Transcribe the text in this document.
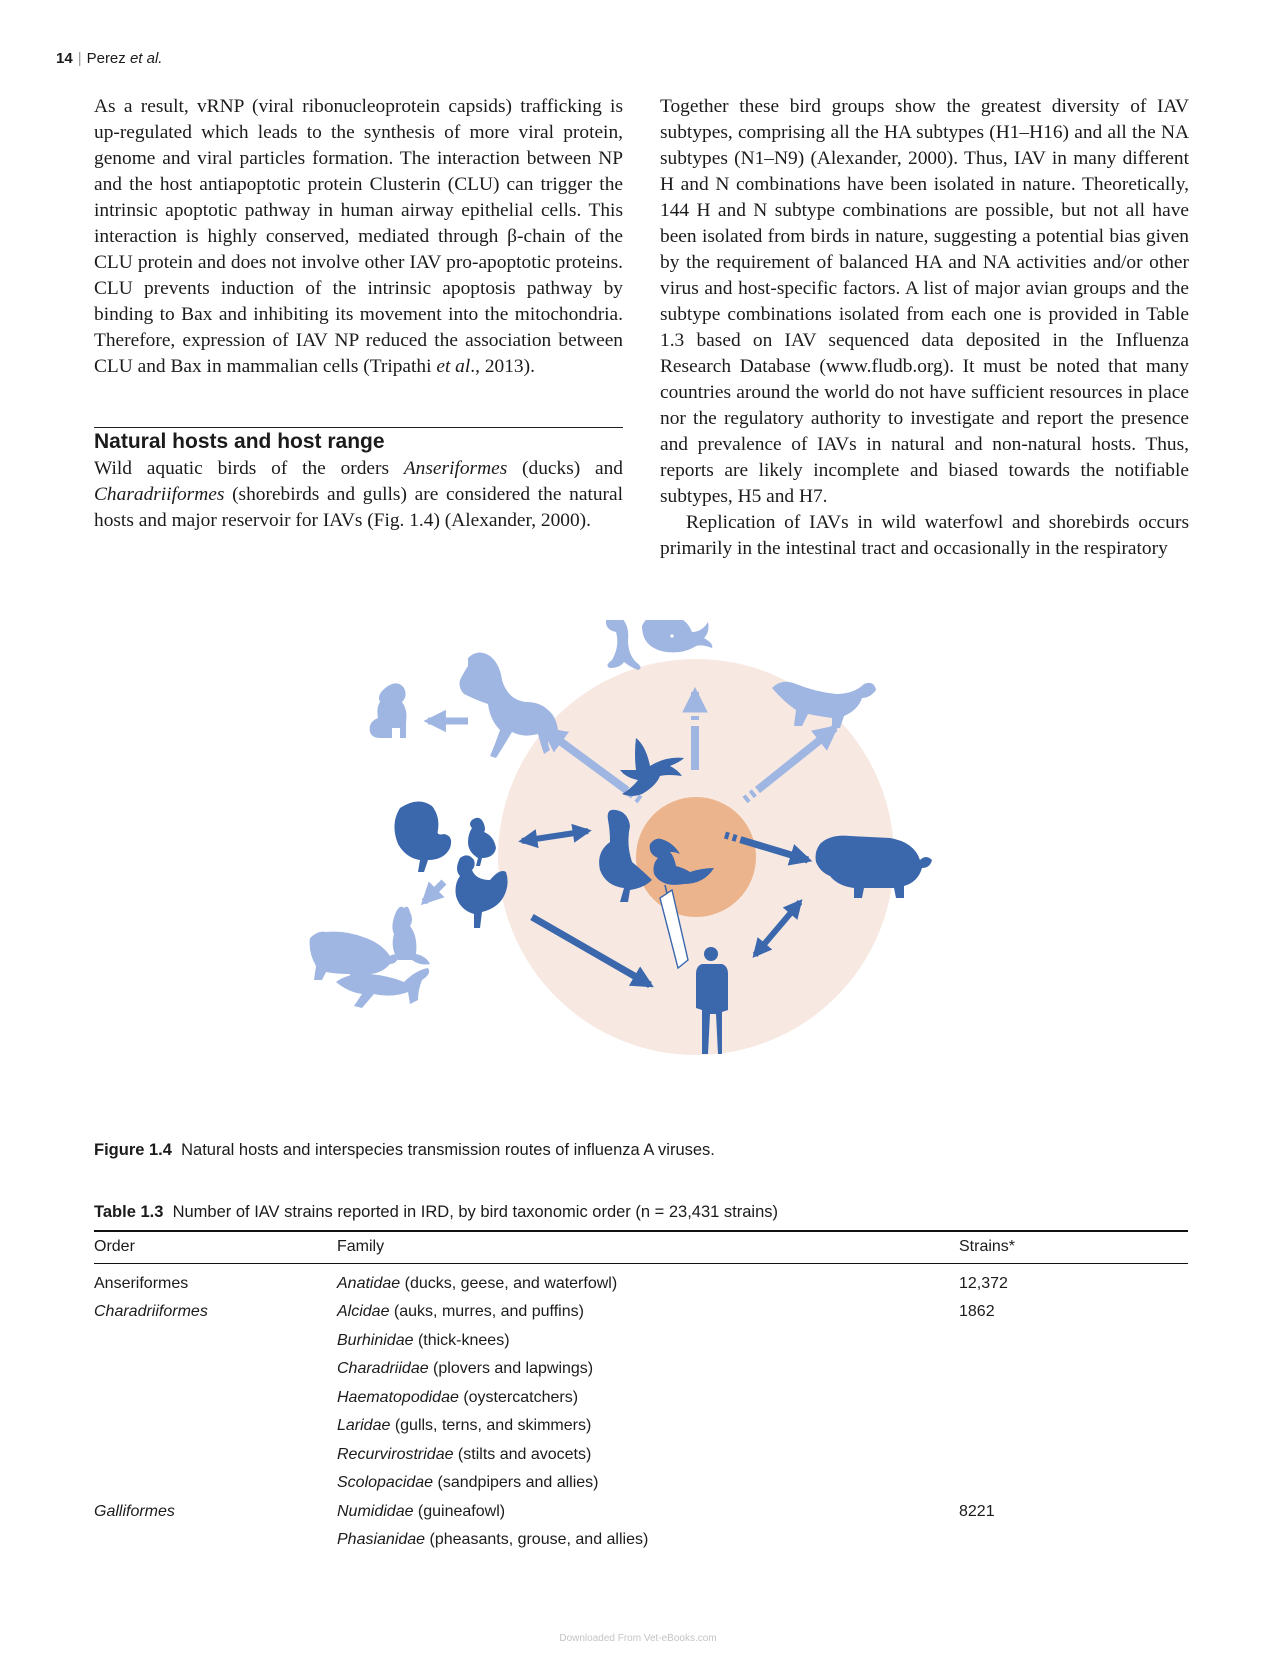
14 | Perez et al.

As a result, vRNP (viral ribonucleoprotein capsids) trafficking is up-regulated which leads to the synthesis of more viral protein, genome and viral particles formation. The interaction between NP and the host antiapoptotic protein Clusterin (CLU) can trigger the intrinsic apoptotic pathway in human airway epithelial cells. This interaction is highly conserved, mediated through β-chain of the CLU protein and does not involve other IAV pro-apoptotic proteins. CLU prevents induction of the intrinsic apoptosis pathway by binding to Bax and inhibiting its movement into the mitochondria. Therefore, expression of IAV NP reduced the association between CLU and Bax in mammalian cells (Tripathi et al., 2013).

Natural hosts and host range

Wild aquatic birds of the orders Anseriformes (ducks) and Charadriiformes (shorebirds and gulls) are considered the natural hosts and major reservoir for IAVs (Fig. 1.4) (Alexander, 2000).

Together these bird groups show the greatest diversity of IAV subtypes, comprising all the HA subtypes (H1–H16) and all the NA subtypes (N1–N9) (Alexander, 2000). Thus, IAV in many different H and N combinations have been isolated in nature. Theoretically, 144 H and N subtype combinations are possible, but not all have been isolated from birds in nature, suggesting a potential bias given by the requirement of balanced HA and NA activities and/or other virus and host-specific factors. A list of major avian groups and the subtype combinations isolated from each one is provided in Table 1.3 based on IAV sequenced data deposited in the Influenza Research Database (www.fludb.org). It must be noted that many countries around the world do not have sufficient resources in place nor the regulatory authority to investigate and report the presence and prevalence of IAVs in natural and non-natural hosts. Thus, reports are likely incomplete and biased towards the notifiable subtypes, H5 and H7.

Replication of IAVs in wild waterfowl and shorebirds occurs primarily in the intestinal tract and occasionally in the respiratory

Figure 1.4 Natural hosts and interspecies transmission routes of influenza A viruses.
Table 1.3 Number of IAV strains reported in IRD, by bird taxonomic order (n = 23,431 strains)
Order	Family	Strains*
Anseriformes	Anatidae (ducks, geese, and waterfowl)	12,372
Charadriiformes	Alcidae (auks, murres, and puffins)	1862
	Burhinidae (thick-knees)	
	Charadriidae (plovers and lapwings)	
	Haematopodidae (oystercatchers)	
	Laridae (gulls, terns, and skimmers)	
	Recurvirostridae (stilts and avocets)	
	Scolopacidae (sandpipers and allies)	
Galliformes	Numididae (guineafowl)	8221
	Phasianidae (pheasants, grouse, and allies)	
Downloaded From Vet-eBooks.com
